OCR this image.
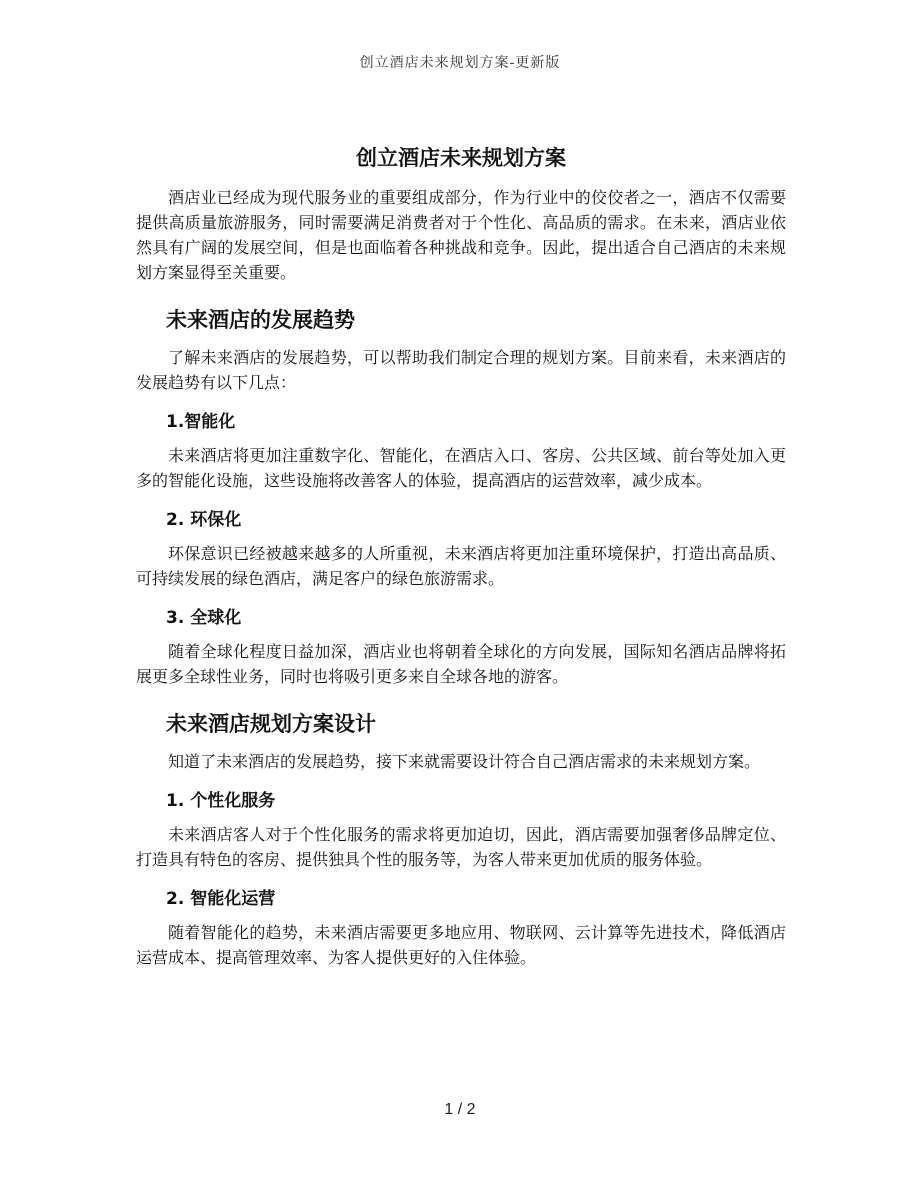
创立酒店未来规划方案-更新版
创立酒店未来规划方案

酒店业已经成为现代服务业的重要组成部分，作为行业中的佼佼者之一，酒店不仅需要提供高质量旅游服务，同时需要满足消费者对于个性化、高品质的需求。在未来，酒店业依然具有广阔的发展空间，但是也面临着各种挑战和竞争。因此，提出适合自己酒店的未来规划方案显得至关重要。

未来酒店的发展趋势

了解未来酒店的发展趋势，可以帮助我们制定合理的规划方案。目前来看，未来酒店的发展趋势有以下几点：

1.智能化

未来酒店将更加注重数字化、智能化，在酒店入口、客房、公共区域、前台等处加入更多的智能化设施，这些设施将改善客人的体验，提高酒店的运营效率，减少成本。

2. 环保化

环保意识已经被越来越多的人所重视，未来酒店将更加注重环境保护，打造出高品质、可持续发展的绿色酒店，满足客户的绿色旅游需求。

3. 全球化

随着全球化程度日益加深，酒店业也将朝着全球化的方向发展，国际知名酒店品牌将拓展更多全球性业务，同时也将吸引更多来自全球各地的游客。

未来酒店规划方案设计

知道了未来酒店的发展趋势，接下来就需要设计符合自己酒店需求的未来规划方案。

1. 个性化服务

未来酒店客人对于个性化服务的需求将更加迫切，因此，酒店需要加强奢侈品牌定位、打造具有特色的客房、提供独具个性的服务等，为客人带来更加优质的服务体验。

2. 智能化运营

随着智能化的趋势，未来酒店需要更多地应用、物联网、云计算等先进技术，降低酒店运营成本、提高管理效率、为客人提供更好的入住体验。

1 / 2
